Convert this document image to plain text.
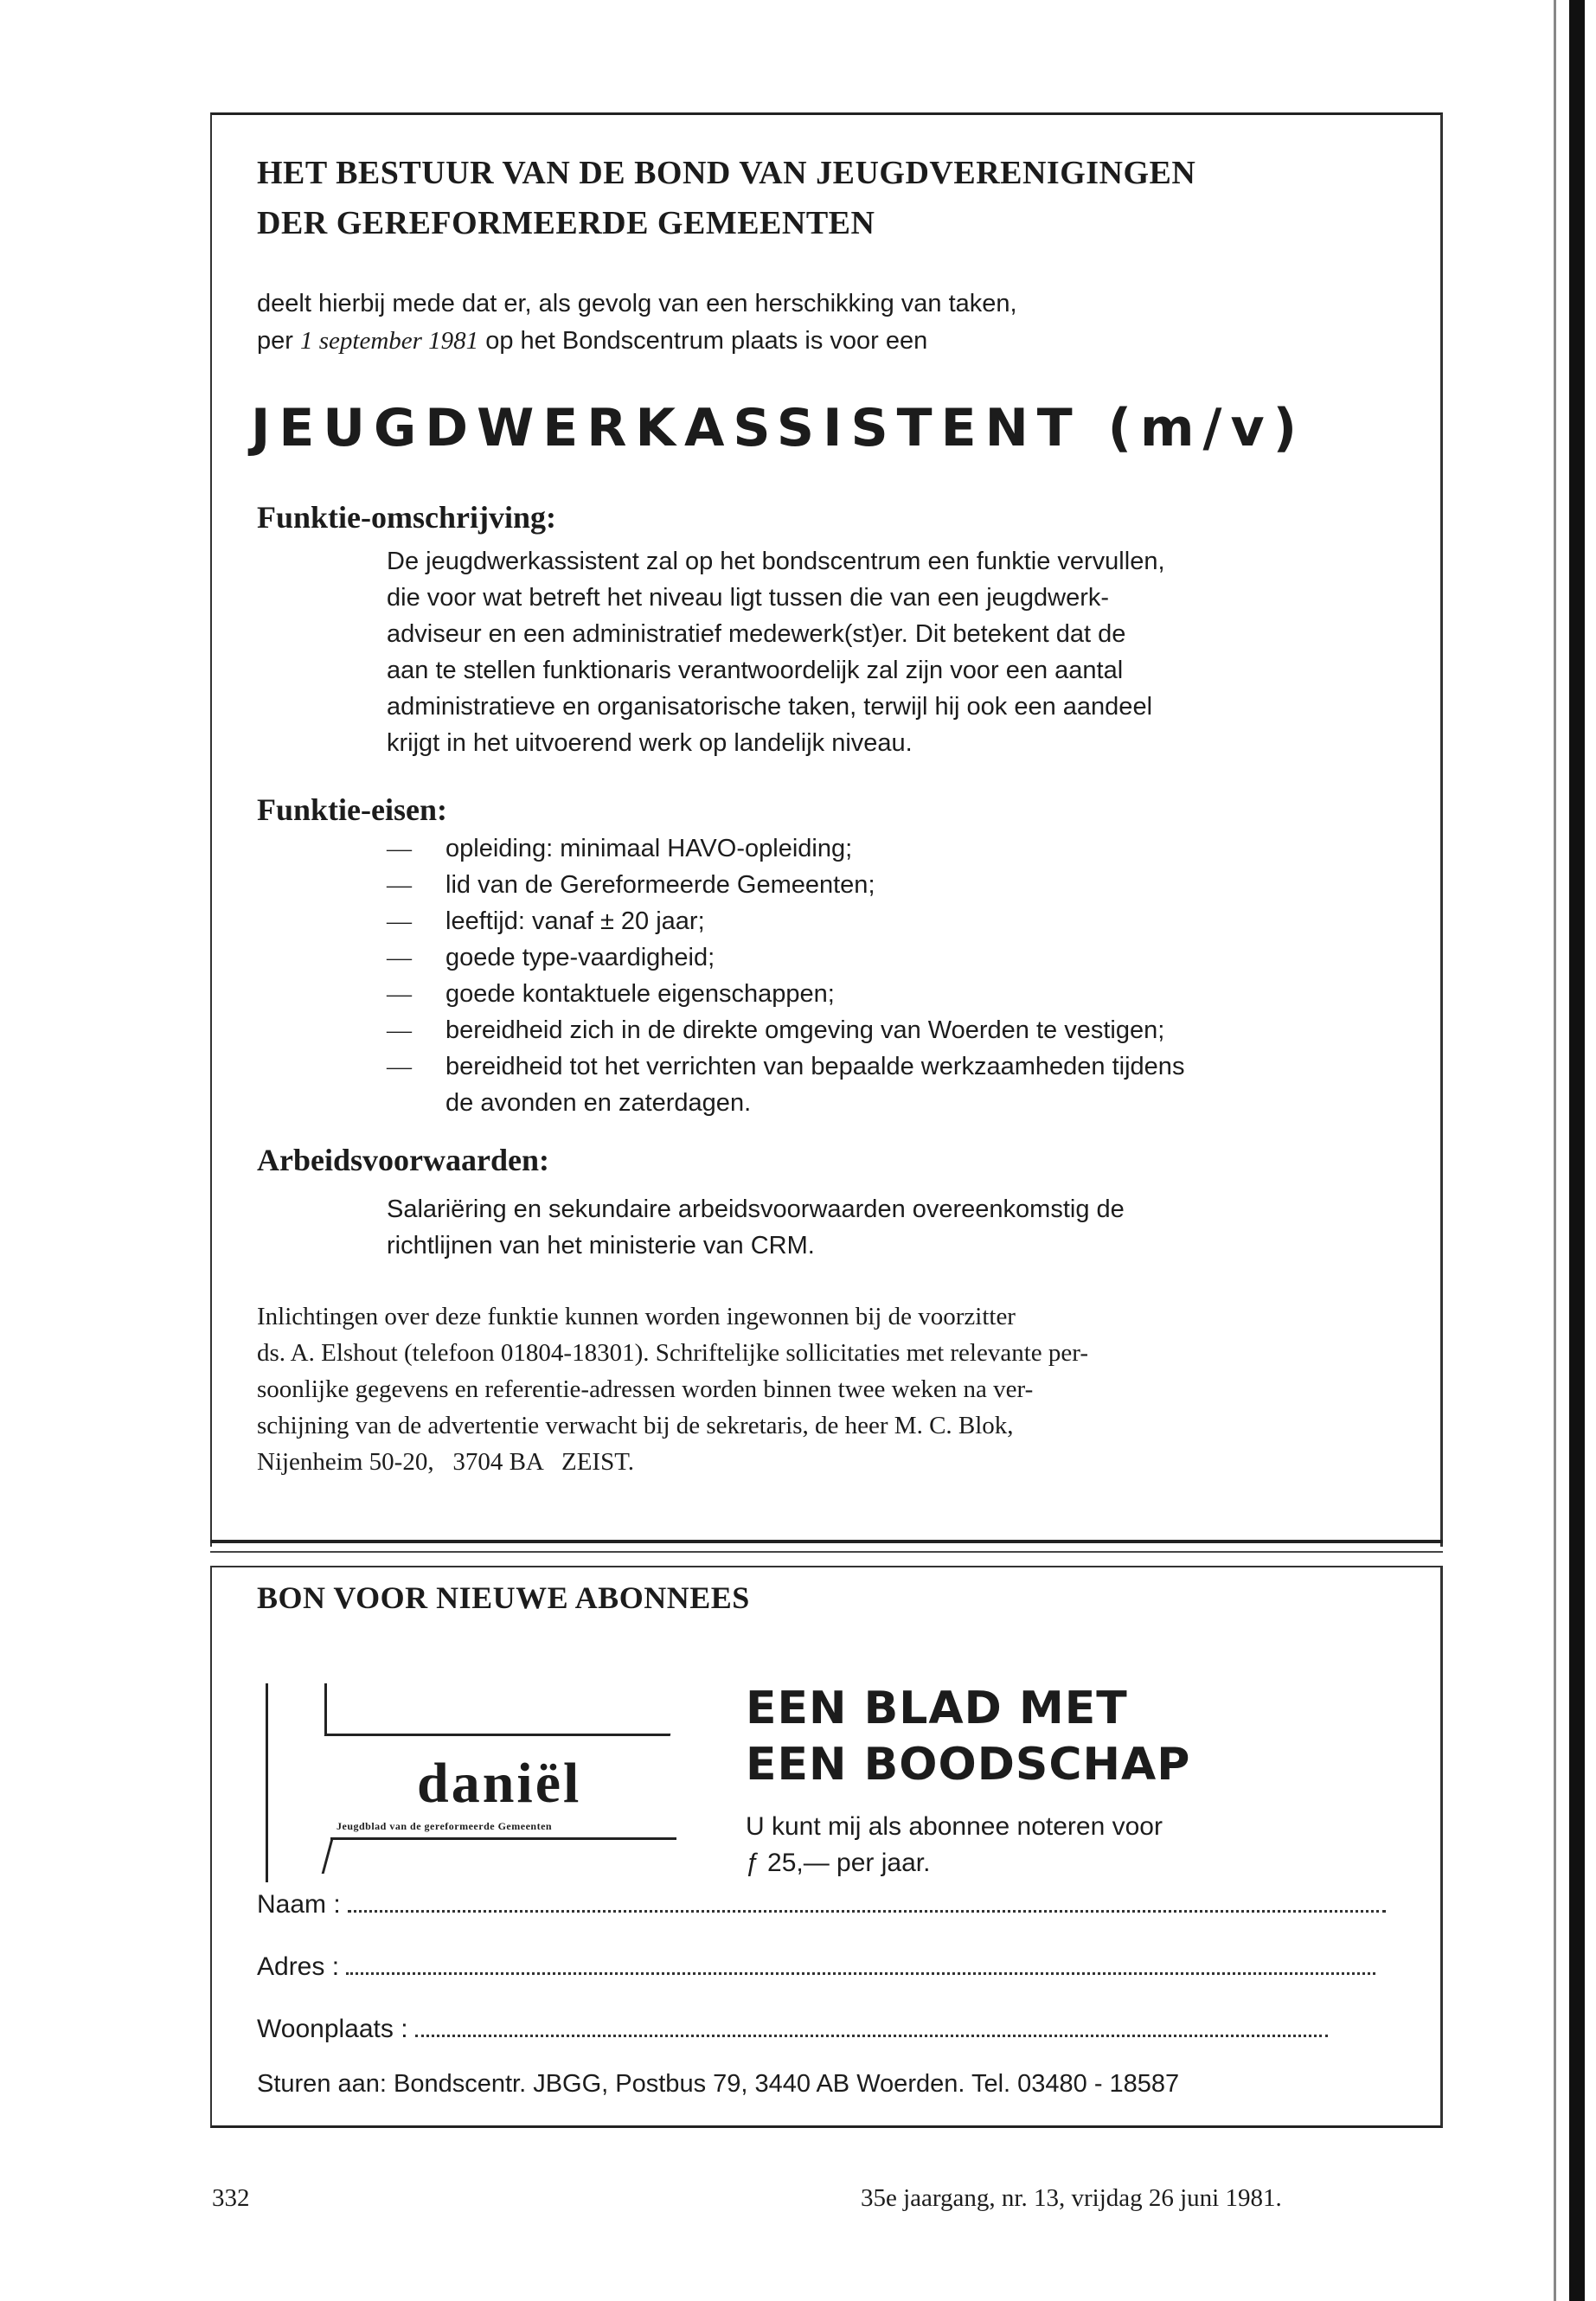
HET BESTUUR VAN DE BOND VAN JEUGDVERENIGINGEN
DER GEREFORMEERDE GEMEENTEN
deelt hierbij mede dat er, als gevolg van een herschikking van taken,
per 1 september 1981 op het Bondscentrum plaats is voor een
JEUGDWERKASSISTENT (m/v)
Funktie-omschrijving:
De jeugdwerkassistent zal op het bondscentrum een funktie vervullen,
die voor wat betreft het niveau ligt tussen die van een jeugdwerk-
adviseur en een administratief medewerk(st)er. Dit betekent dat de
aan te stellen funktionaris verantwoordelijk zal zijn voor een aantal
administratieve en organisatorische taken, terwijl hij ook een aandeel
krijgt in het uitvoerend werk op landelijk niveau.
Funktie-eisen:
— opleiding: minimaal HAVO-opleiding;
— lid van de Gereformeerde Gemeenten;
— leeftijd: vanaf ± 20 jaar;
— goede type-vaardigheid;
— goede kontaktuele eigenschappen;
— bereidheid zich in de direkte omgeving van Woerden te vestigen;
— bereidheid tot het verrichten van bepaalde werkzaamheden tijdens
de avonden en zaterdagen.
Arbeidsvoorwaarden:
Salariëring en sekundaire arbeidsvoorwaarden overeenkomstig de
richtlijnen van het ministerie van CRM.
Inlichtingen over deze funktie kunnen worden ingewonnen bij de voorzitter
ds. A. Elshout (telefoon 01804-18301). Schriftelijke sollicitaties met relevante per-
soonlijke gegevens en referentie-adressen worden binnen twee weken na ver-
schijning van de advertentie verwacht bij de sekretaris, de heer M. C. Blok,
Nijenheim 50-20,   3704 BA   ZEIST.
BON VOOR NIEUWE ABONNEES
daniël
Jeugdblad van de gereformeerde Gemeenten
EEN BLAD MET
EEN BOODSCHAP
U kunt mij als abonnee noteren voor
ƒ 25,— per jaar.
Naam :
Adres :
Woonplaats :
Sturen aan: Bondscentr. JBGG, Postbus 79, 3440 AB Woerden. Tel. 03480 - 18587
332	35e jaargang, nr. 13, vrijdag 26 juni 1981.
